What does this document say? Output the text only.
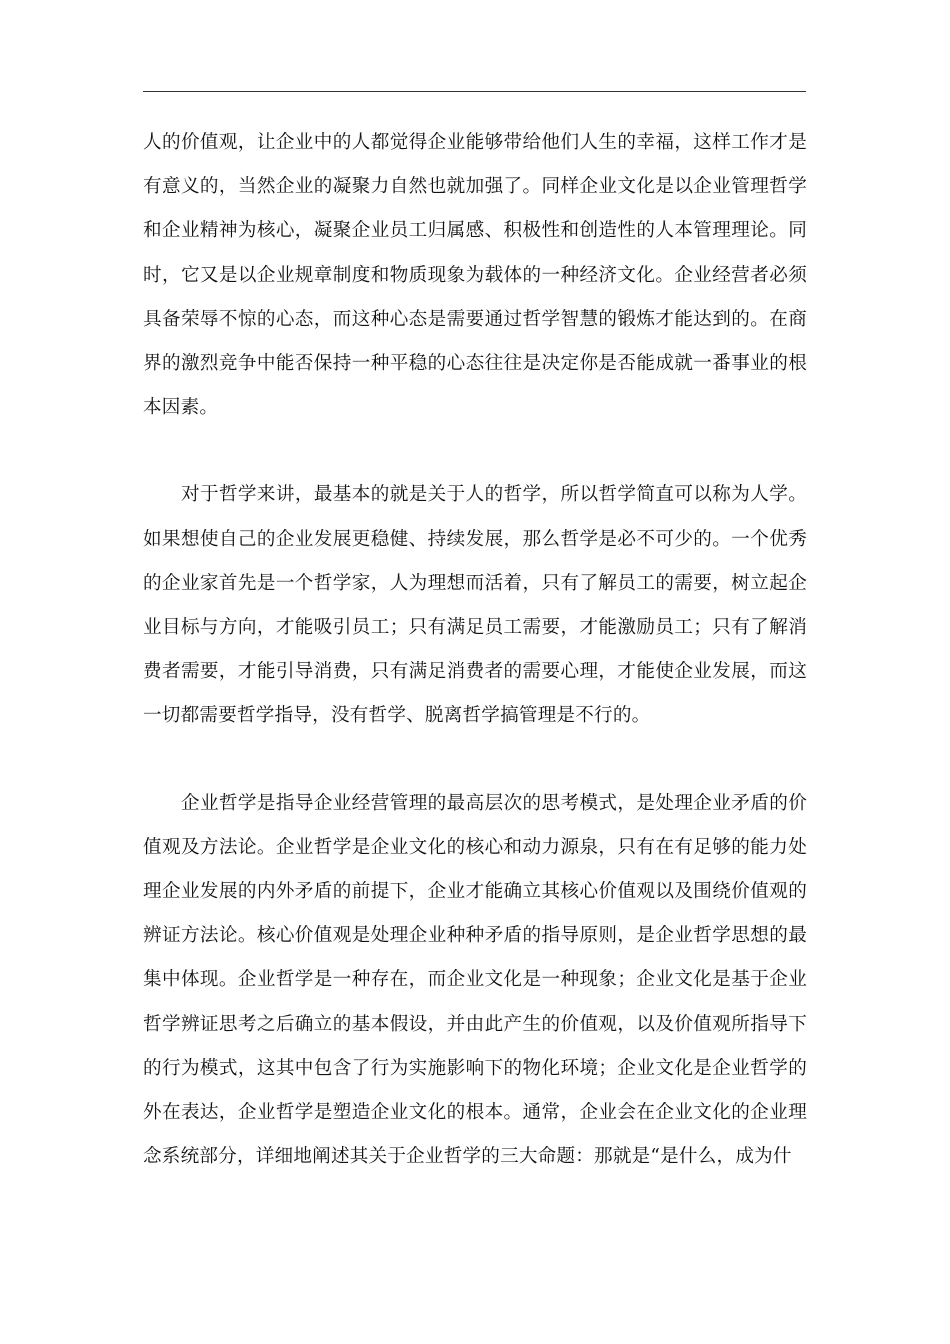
人的价值观，让企业中的人都觉得企业能够带给他们人生的幸福，这样工作才是有意义的，当然企业的凝聚力自然也就加强了。同样企业文化是以企业管理哲学和企业精神为核心，凝聚企业员工归属感、积极性和创造性的人本管理理论。同时，它又是以企业规章制度和物质现象为载体的一种经济文化。企业经营者必须具备荣辱不惊的心态，而这种心态是需要通过哲学智慧的锻炼才能达到的。在商界的激烈竞争中能否保持一种平稳的心态往往是决定你是否能成就一番事业的根本因素。

对于哲学来讲，最基本的就是关于人的哲学，所以哲学简直可以称为人学。如果想使自己的企业发展更稳健、持续发展，那么哲学是必不可少的。一个优秀的企业家首先是一个哲学家，人为理想而活着，只有了解员工的需要，树立起企业目标与方向，才能吸引员工；只有满足员工需要，才能激励员工；只有了解消费者需要，才能引导消费，只有满足消费者的需要心理，才能使企业发展，而这一切都需要哲学指导，没有哲学、脱离哲学搞管理是不行的。

企业哲学是指导企业经营管理的最高层次的思考模式，是处理企业矛盾的价值观及方法论。企业哲学是企业文化的核心和动力源泉，只有在有足够的能力处理企业发展的内外矛盾的前提下，企业才能确立其核心价值观以及围绕价值观的辨证方法论。核心价值观是处理企业种种矛盾的指导原则，是企业哲学思想的最集中体现。企业哲学是一种存在，而企业文化是一种现象；企业文化是基于企业哲学辨证思考之后确立的基本假设，并由此产生的价值观，以及价值观所指导下的行为模式，这其中包含了行为实施影响下的物化环境；企业文化是企业哲学的外在表达，企业哲学是塑造企业文化的根本。通常，企业会在企业文化的企业理念系统部分，详细地阐述其关于企业哲学的三大命题：那就是“是什么，成为什
